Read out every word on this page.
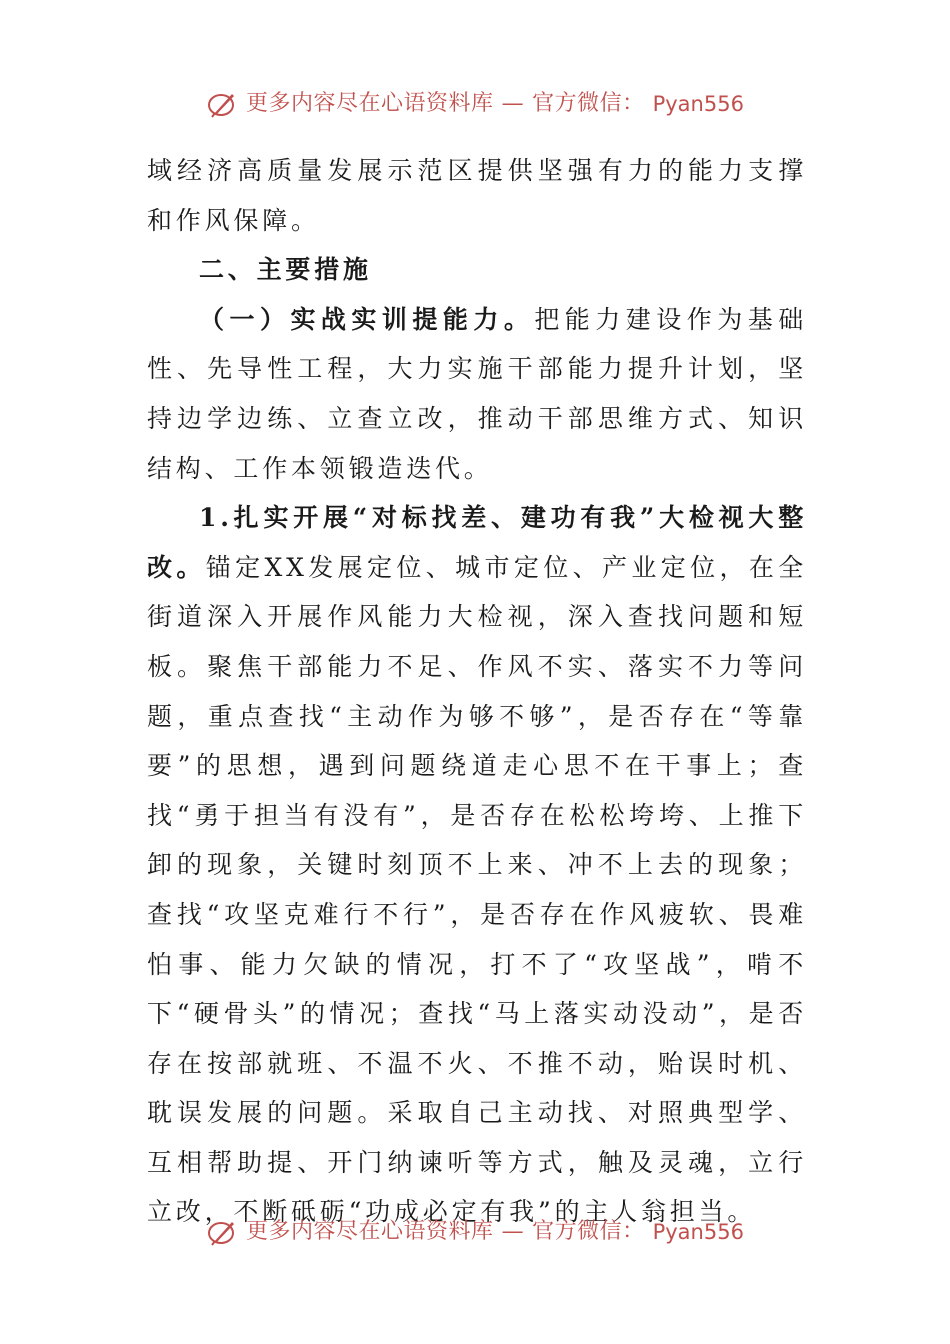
更多内容尽在心语资料库 — 官方微信： Pyan556

域经济高质量发展示范区提供坚强有力的能力支撑和作风保障。

二、主要措施

（一）实战实训提能力。把能力建设作为基础性、先导性工程，大力实施干部能力提升计划，坚持边学边练、立查立改，推动干部思维方式、知识结构、工作本领锻造迭代。

1.扎实开展“对标找差、建功有我”大检视大整改。锚定XX发展定位、城市定位、产业定位，在全街道深入开展作风能力大检视，深入查找问题和短板。聚焦干部能力不足、作风不实、落实不力等问题，重点查找“主动作为够不够”，是否存在“等靠要”的思想，遇到问题绕道走心思不在干事上；查找“勇于担当有没有”，是否存在松松垮垮、上推下卸的现象，关键时刻顶不上来、冲不上去的现象；查找“攻坚克难行不行”，是否存在作风疲软、畏难怕事、能力欠缺的情况，打不了“攻坚战”，啃不下“硬骨头”的情况；查找“马上落实动没动”，是否存在按部就班、不温不火、不推不动，贻误时机、耽误发展的问题。采取自己主动找、对照典型学、互相帮助提、开门纳谏听等方式，触及灵魂，立行立改，不断砥砺“功成必定有我”的主人翁担当。

更多内容尽在心语资料库 — 官方微信： Pyan556
